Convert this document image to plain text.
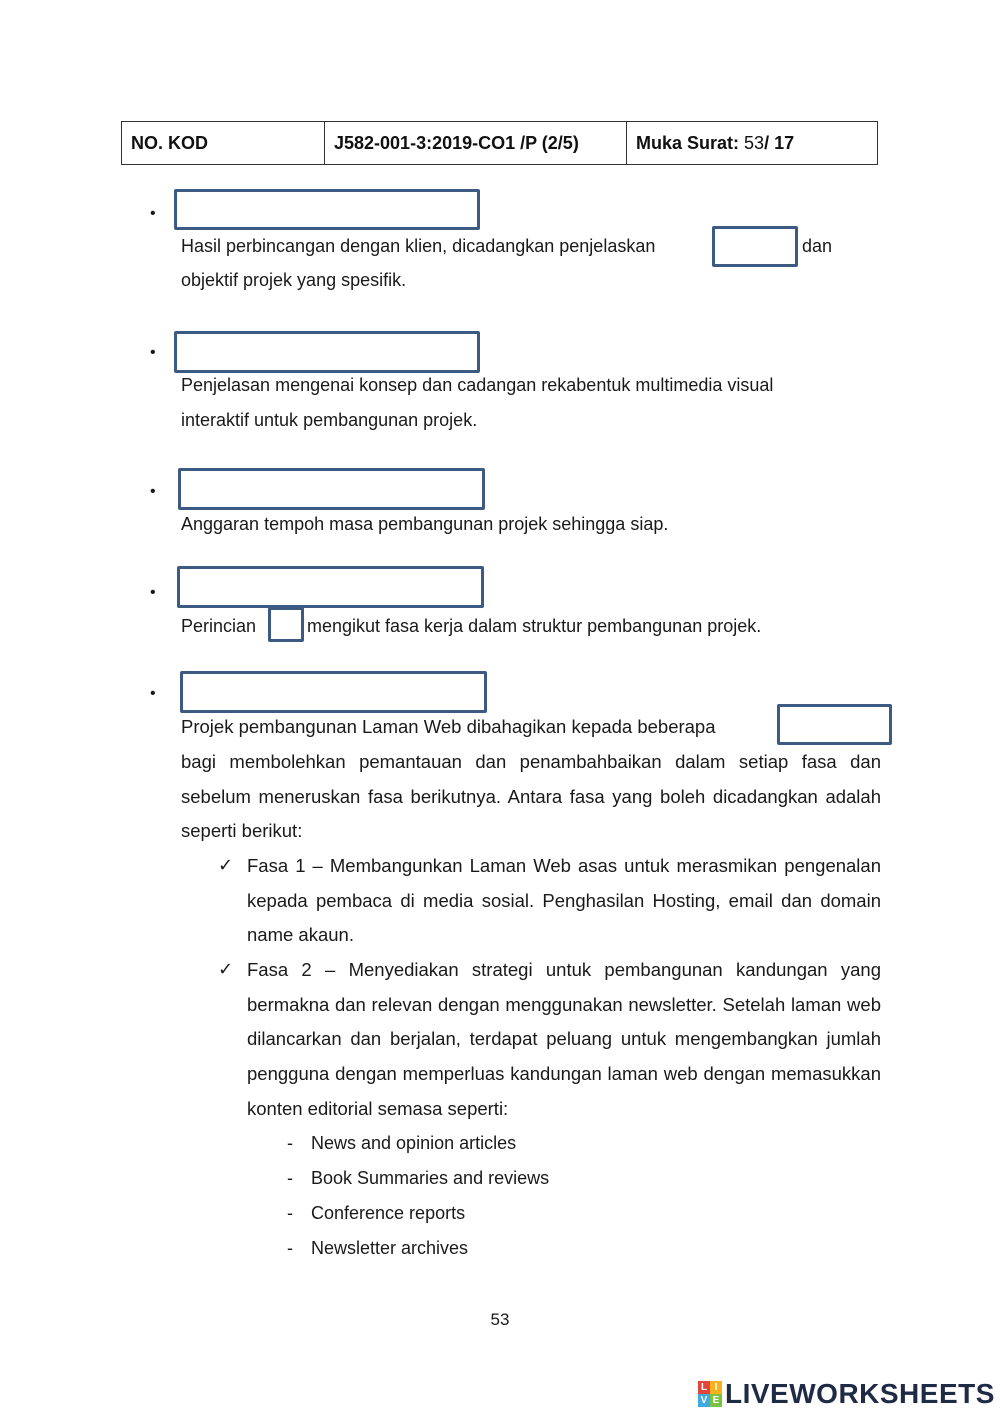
NO. KOD	J582-001-3:2019-CO1 /P (2/5)	Muka Surat:
53 / 17
•
Hasil perbincangan dengan klien, dicadangkan penjelaskan	dan
objektif projek yang spesifik.
•
Penjelasan mengenai konsep dan cadangan rekabentuk multimedia visual
interaktif untuk pembangunan projek.
•
Anggaran tempoh masa pembangunan projek sehingga siap.
•
Perincian	mengikut fasa kerja dalam struktur pembangunan projek.
•
Projek pembangunan Laman Web dibahagikan kepada beberapa
bagi membolehkan pemantauan dan penambahbaikan dalam setiap fasa dan sebelum meneruskan fasa berikutnya. Antara fasa yang boleh dicadangkan adalah seperti berikut:
✓ Fasa 1 – Membangunkan Laman Web asas untuk merasmikan pengenalan kepada pembaca di media sosial. Penghasilan Hosting, email dan domain name akaun.
✓ Fasa 2 – Menyediakan strategi untuk pembangunan kandungan yang bermakna dan relevan dengan menggunakan newsletter. Setelah laman web dilancarkan dan berjalan, terdapat peluang untuk mengembangkan jumlah pengguna dengan memperluas kandungan laman web dengan memasukkan konten editorial semasa seperti:
- News and opinion articles
- Book Summaries and reviews
- Conference reports
- Newsletter archives
53
L I
V E LIVEWORKSHEETS
